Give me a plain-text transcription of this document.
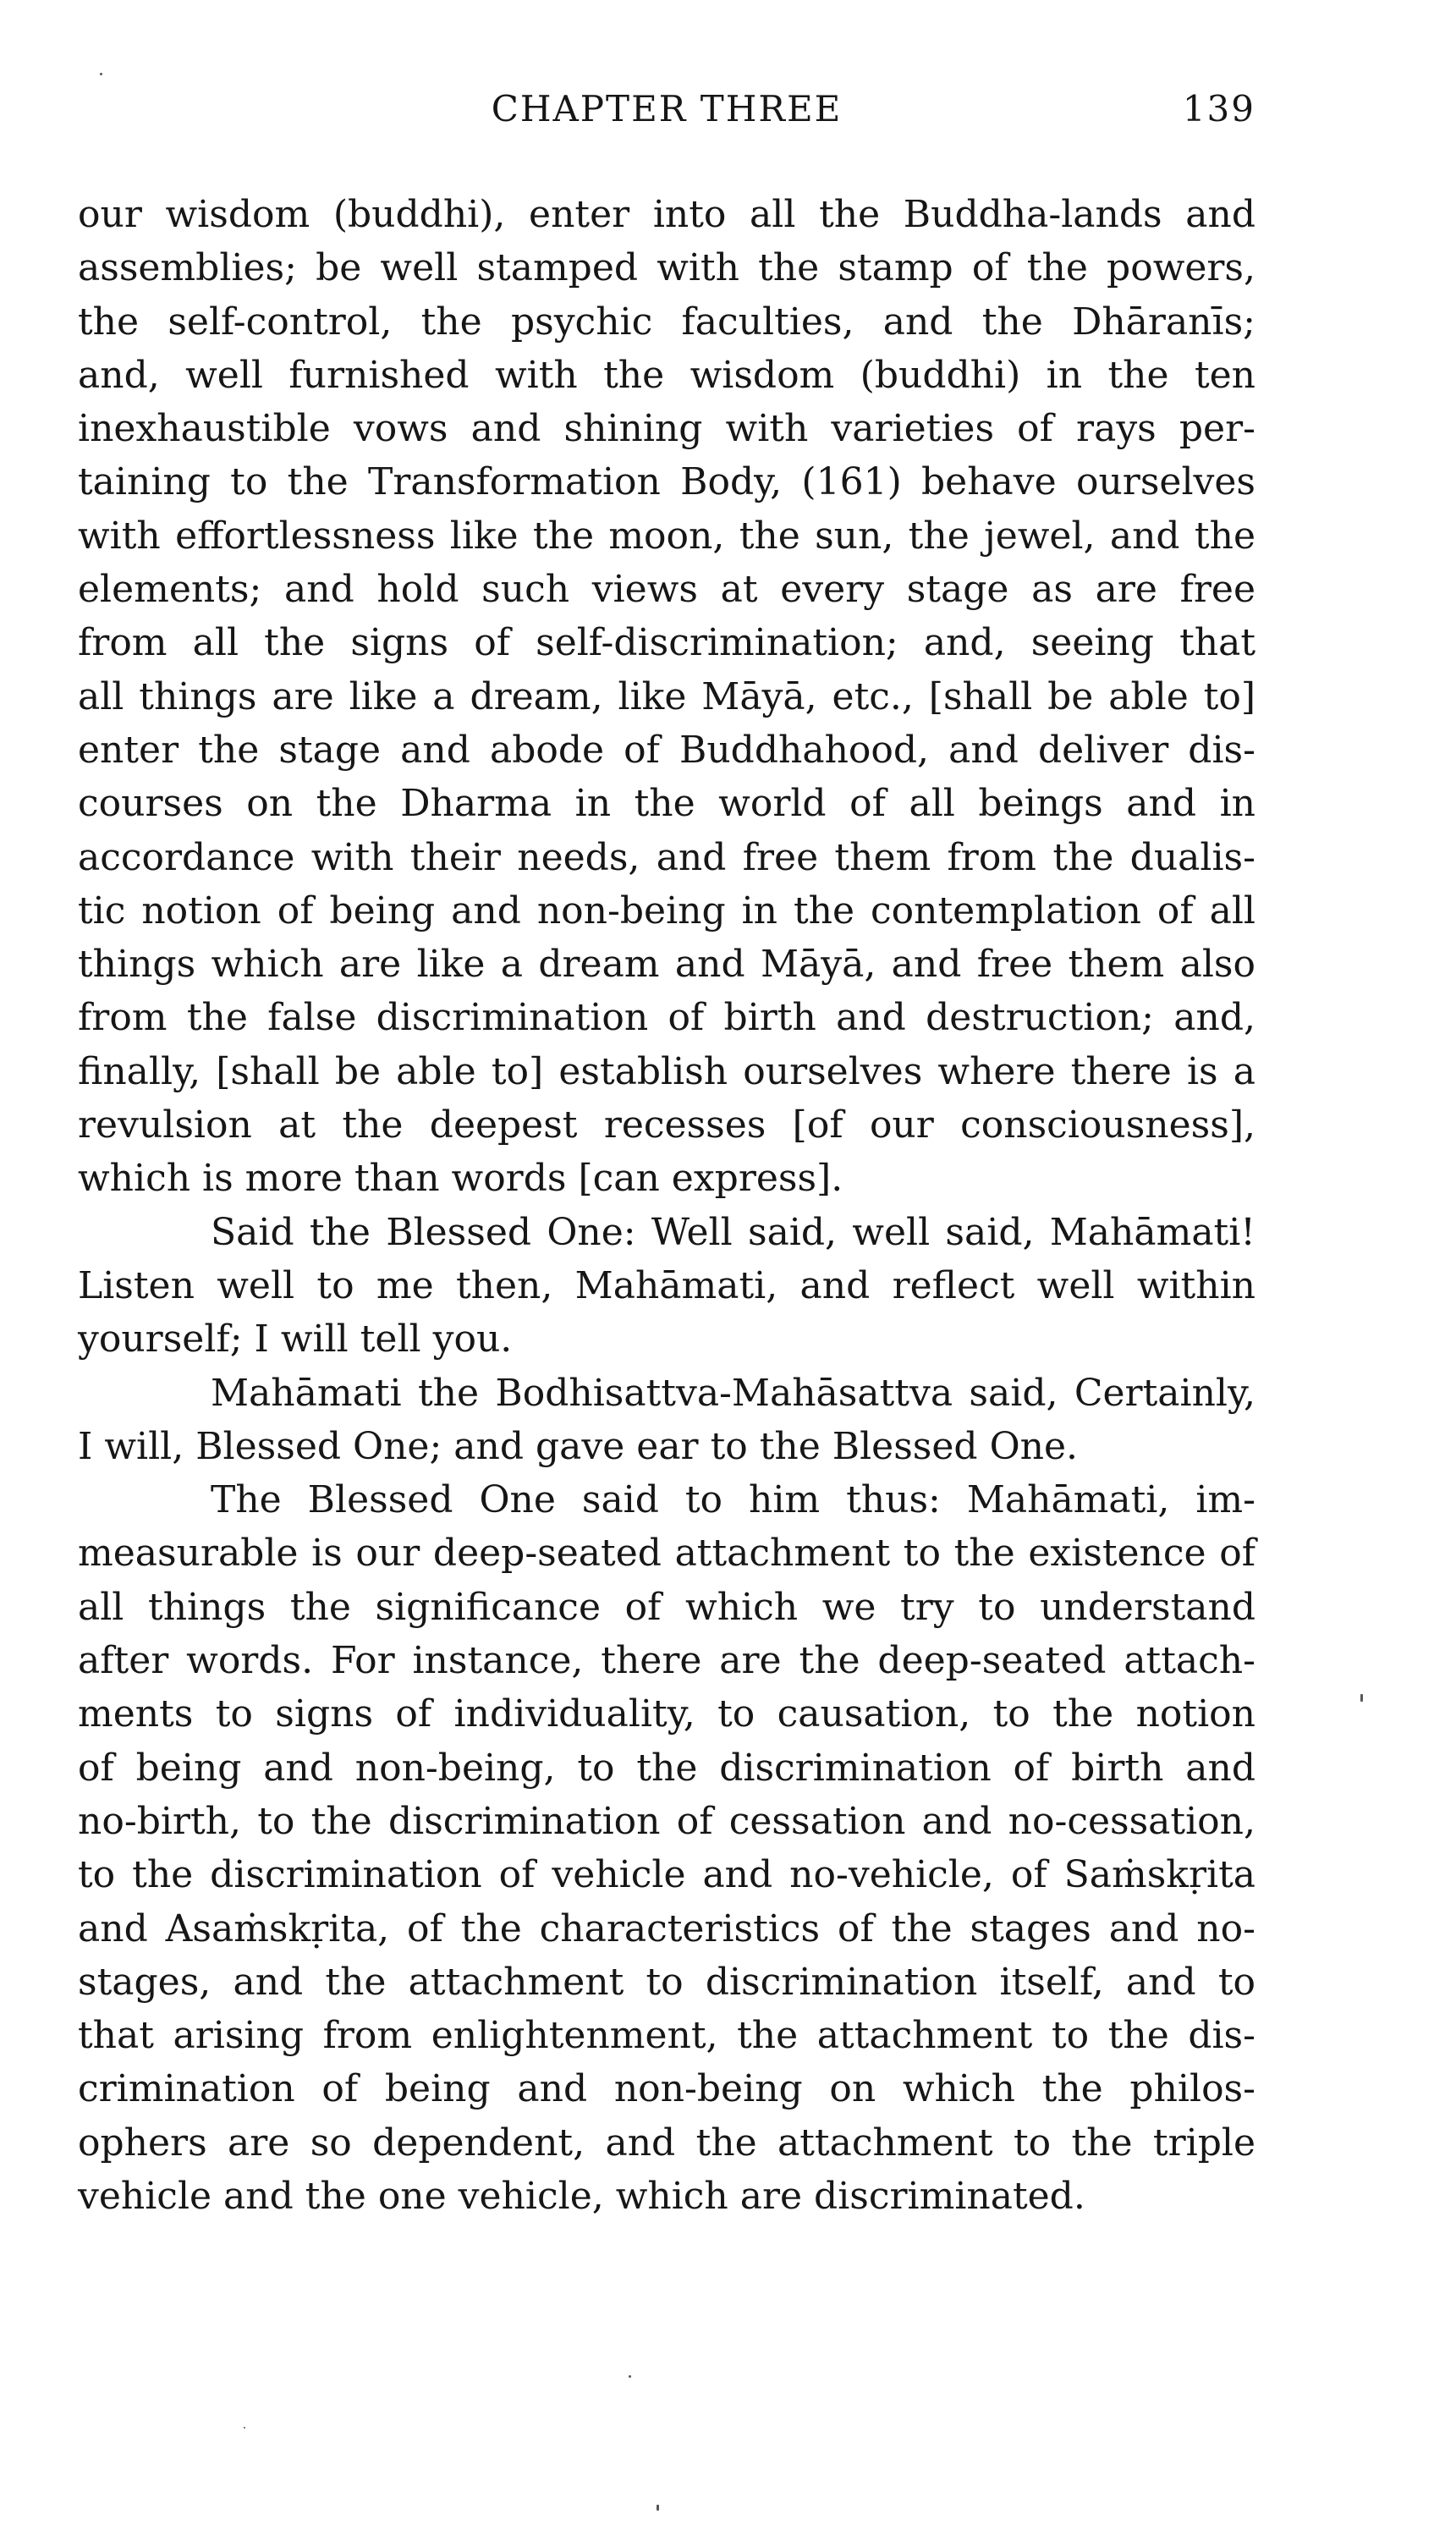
CHAPTER THREE	139
our wisdom (buddhi), enter into all the Buddha-lands and
assemblies; be well stamped with the stamp of the powers,
the self-control, the psychic faculties, and the Dhāranīs;
and, well furnished with the wisdom (buddhi) in the ten
inexhaustible vows and shining with varieties of rays per-
taining to the Transformation Body, (161) behave ourselves
with effortlessness like the moon, the sun, the jewel, and the
elements; and hold such views at every stage as are free
from all the signs of self-discrimination; and, seeing that
all things are like a dream, like Māyā, etc., [shall be able to]
enter the stage and abode of Buddhahood, and deliver dis-
courses on the Dharma in the world of all beings and in
accordance with their needs, and free them from the dualis-
tic notion of being and non-being in the contemplation of all
things which are like a dream and Māyā, and free them also
from the false discrimination of birth and destruction; and,
finally, [shall be able to] establish ourselves where there is a
revulsion at the deepest recesses [of our consciousness],
which is more than words [can express].
Said the Blessed One: Well said, well said, Mahāmati!
Listen well to me then, Mahāmati, and reflect well within
yourself; I will tell you.
Mahāmati the Bodhisattva-Mahāsattva said, Certainly,
I will, Blessed One; and gave ear to the Blessed One.
The Blessed One said to him thus: Mahāmati, im-
measurable is our deep-seated attachment to the existence of
all things the significance of which we try to understand
after words. For instance, there are the deep-seated attach-
ments to signs of individuality, to causation, to the notion
of being and non-being, to the discrimination of birth and
no-birth, to the discrimination of cessation and no-cessation,
to the discrimination of vehicle and no-vehicle, of Saṁskṛita
and Asaṁskṛita, of the characteristics of the stages and no-
stages, and the attachment to discrimination itself, and to
that arising from enlightenment, the attachment to the dis-
crimination of being and non-being on which the philos-
ophers are so dependent, and the attachment to the triple
vehicle and the one vehicle, which are discriminated.
